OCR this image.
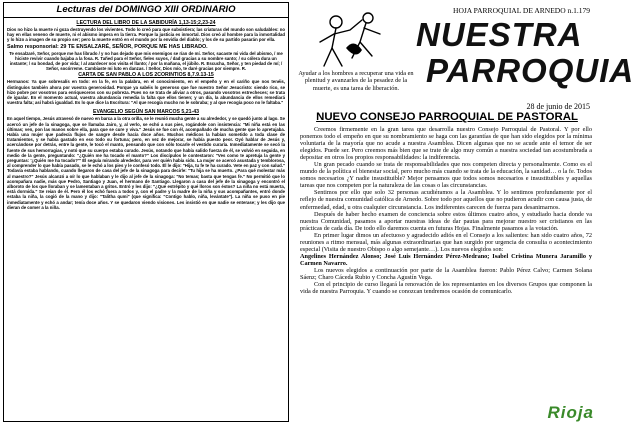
Lecturas del DOMINGO XIII ORDINARIO
LECTURA DEL LIBRO DE LA SABIDURÍA 1,13-15;2,23-24

Dios no hizo la muerte ni goza destruyendo los vivientes. Todo lo creó para que subsistiera; las criaturas del mundo son saludables: no hay en ellas veneno de muerte, ni el abismo impera en la tierra. Porque la justicia es inmortal. Dios creó al hombre para la inmortalidad y lo hizo a imagen de su propio ser; pero la muerte entró en el mundo por la envidia del diablo; y los de su partido pasarán por ella.

Salmo responsorial: 29 TE ENSALZARÉ, SEÑOR, PORQUE ME HAS LIBRADO.

Te ensalzaré, Señor, porque me has librado / y no has dejado que mis enemigos se rían de mí. Señor, sacaste mi vida del abismo, / me hiciste revivir cuando bajaba a la fosa. R. Tañed para el Señor, fieles suyos, / dad gracias a su nombre santo; / su cólera dura un instante; / su bondad, de por vida; / al atardecer nos visita el llanto; / por la mañana, el júbilo. R. Escucha, Señor, y ten piedad de mí; / Señor, socórreme. Cambiaste mi luto en danzas. / Señor, Dios mío, te daré gracias por siempre. R.

CARTA DE SAN PABLO A LOS 2CORINTIOS 8,7.9.13-15

Hermanos: Ya que sobresalís en todo: en la fe, en la palabra, en el conocimiento, en el empeño y en el cariño que nos tenéis, distinguíos también ahora por vuestra generosidad. Porque ya sabéis lo generoso que fue nuestro Señor Jesucristo: siendo rico, se hizo pobre por vosotros para enriqueceros con su pobreza. Pues no se trata de aliviar a otros, pasando vosotros estrecheces; se trata de igualar. En el momento actual, vuestra abundancia remedia la falta que ellos tienen; y un día, la abundancia de ellos remediará vuestra falta; así habrá igualdad. Es lo que dice la Escritura: "Al que recogía mucho no le sobraba; y al que recogía poco no le faltaba."

EVANGELIO SEGÚN SAN MARCOS 5,21-43

En aquel tiempo, Jesús atravesó de nuevo en barca a la otra orilla, se le reunió mucha gente a su alrededor, y se quedó junto al lago. Se acercó un jefe de la sinagoga, que se llamaba Jairo, y, al verlo, se echó a sus pies, rogándole con insistencia: "Mi niña está en las últimas; ven, pon las manos sobre ella, para que se cure y viva." Jesús se fue con él, acompañado de mucha gente que lo apretujaba. Había una mujer que padecía flujos de sangre desde hacía doce años. Muchos médicos la habían sometido a toda clase de tratamientos, y se había gastado en eso todo su fortuna; pero, en vez de mejorar, se había puesto peor. Oyó hablar de Jesús y, acercándose por detrás, entre la gente, le tocó el manto, pensando que con sólo tocarle el vestido curaría. Inmediatamente se secó la fuente de sus hemorragias, y notó que su cuerpo estaba curado. Jesús, notando que había salido fuerza de él, se volvió en seguida, en medio de la gente, preguntando: "¿Quién me ha tocado el manto?" Los discípulos le contestaron: "Ves como te apretuja la gente y preguntas: '¿Quién me ha tocado?'" Él seguía mirando alrededor, para ver quién había sido. La mujer se acercó asustada y temblorosa, al comprender lo que había pasado, se le echó a los pies y le confesó todo. Él le dijo: "Hija, tu fe te ha curado. Vete en paz y con salud." Todavía estaba hablando, cuando llegaron de casa del jefe de la sinagoga para decirle: "Tu hija se ha muerto. ¿Para qué molestar más al maestro?" Jesús alcanzó a oír lo que hablaban y le dijo al jefe de la sinagoga: "No temas; basta que tengas fe." No permitió que lo acompañara nadie, más que Pedro, Santiago y Juan, el hermano de Santiago. Llegaron a casa del jefe de la sinagoga y encontró el alboroto de los que lloraban y se lamentaban a gritos. Entró y les dijo: "¿Qué estrépito y qué lloros son éstos? La niña no está muerta, está dormida." Se reían de él. Pero él los echó fuera a todos y, con el padre y la madre de la niña y sus acompañantes, entró donde estaba la niña, la cogió de la mano y dijo: "Talitha qumi" (que significa: "Contigo hablo, niña, levántate"). La niña se puso en pie inmediatamente y echó a andar; tenía doce años. Y se quedaron viendo visiones. Les insistió en que nadie se enterase; y les dijo que dieran de comer a la niña.

HOJA PARROQUIAL DE ARNEDO n.1.179
Ayudar a los hombres a recuperar una vida en plenitud y avanzarles de la pesadez de la muerte, es una tarea de liberación.
NUESTRA
PARROQUIA
28 de junio de 2015
NUEVO CONSEJO PARROQUIAL DE PASTORAL

Creemos firmemente en la gran tarea que desarrolla nuestro Consejo Parroquial de Pastoral. Y por ello ponemos todo el empeño en que su nombramiento se haga con las garantías de que han sido elegidos por la mínima voluntaria de la mayoría que no acude a nuestra Asamblea. Dicen algunas que no se acude ante el temor de ser elegidos. Puede ser. Pero creemos más bien que se trate de algo muy común a nuestra sociedad tan acostumbrada a depositar en otros los propios responsabilidades: la indiferencia.

Un gran pecado cuando se trata de responsabilidades que nos competen directa y personalmente. Como es el mundo de la política el bienestar social, pero mucho más cuando se trata de la educación, la sanidad… o la fe. Todos somos necesarios ¿Y nadie insustituible? Mejor pensamos que todos somos necesarios e insustituibles y aquellas tareas que nos competen por la naturaleza de las cosas o las circunstancias.

Sentimos por ello que solo 32 personas acudiéramos a la Asamblea. Y lo sentimos profundamente por el reflejo de nuestra comunidad católica de Arnedo. Sobre todo por aquellos que no pudieron acudir con causa justa, de enfermedad, edad, u otra cualquier circunstancia. Los indiferentes carecen de fuerza para desanimarnos.

Después de haber hecho examen de conciencia sobre estos últimos cuatro años, y estudiado hacia donde va nuestra Comunidad, pasamos a aportar nuestras ideas de dar pautas para mejorar nuestro ser cristianos en las prácticas de cada día. De todo ello daremos cuenta en futuras Hojas. Finalmente pasamos a la votación.

En primer lugar dimos un afectuoso y agradecido adiós en el Consejo a los salientes: han sido cuatro años, 72 reuniones a ritmo mensual, más algunas extraordinarias que han surgido por urgencia de consulta o acontecimiento especial (Visita de nuestro Obispo o algo semejante…). Los nuevos elegidos son:

Angelines Hernández Alonso; José Luis Hernández Pérez-Medrano; Isabel Cristina Munera Jaramillo y Carmen Navarro.

Los nuevos elegidos a continuación por parte de la Asamblea fueron: Pablo Pérez Calvo; Carmen Solana Sáenz; Charo Cáceda Rubio y Concha Agustín Vega.

Con el principio de curso llegará la renovación de los representantes en los diversos Grupos que componen la vida de nuestra Parroquia. Y cuando se conozcan tendremos ocasión de comunicarlo.

Rioja
